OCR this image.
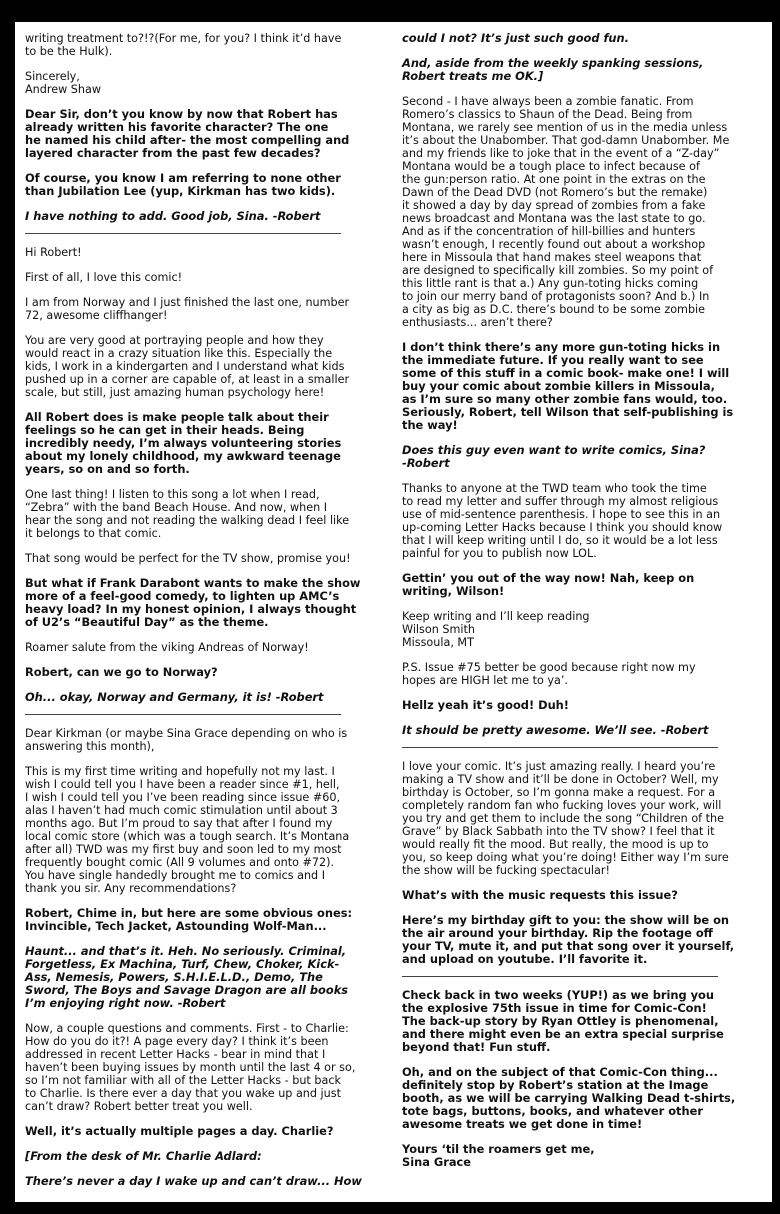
writing treatment to?!?(For me, for you? I think it’d have
to be the Hulk).

Sincerely,
Andrew Shaw

Dear Sir, don’t you know by now that Robert has
already written his favorite character? The one
he named his child after- the most compelling and
layered character from the past few decades?

Of course, you know I am referring to none other
than Jubilation Lee (yup, Kirkman has two kids).

I have nothing to add. Good job, Sina. -Robert

Hi Robert!

First of all, I love this comic!

I am from Norway and I just finished the last one, number
72, awesome cliffhanger!

You are very good at portraying people and how they
would react in a crazy situation like this. Especially the
kids, I work in a kindergarten and I understand what kids
pushed up in a corner are capable of, at least in a smaller
scale, but still, just amazing human psychology here!

All Robert does is make people talk about their
feelings so he can get in their heads. Being
incredibly needy, I’m always volunteering stories
about my lonely childhood, my awkward teenage
years, so on and so forth.

One last thing! I listen to this song a lot when I read,
“Zebra” with the band Beach House. And now, when I
hear the song and not reading the walking dead I feel like
it belongs to that comic.

That song would be perfect for the TV show, promise you!

But what if Frank Darabont wants to make the show
more of a feel-good comedy, to lighten up AMC’s
heavy load? In my honest opinion, I always thought
of U2’s “Beautiful Day” as the theme.

Roamer salute from the viking Andreas of Norway!

Robert, can we go to Norway?

Oh... okay, Norway and Germany, it is! -Robert

Dear Kirkman (or maybe Sina Grace depending on who is
answering this month),

This is my first time writing and hopefully not my last. I
wish I could tell you I have been a reader since #1, hell,
I wish I could tell you I’ve been reading since issue #60,
alas I haven’t had much comic stimulation until about 3
months ago. But I’m proud to say that after I found my
local comic store (which was a tough search. It’s Montana
after all) TWD was my first buy and soon led to my most
frequently bought comic (All 9 volumes and onto #72).
You have single handedly brought me to comics and I
thank you sir. Any recommendations?

Robert, Chime in, but here are some obvious ones:
Invincible, Tech Jacket, Astounding Wolf-Man...

Haunt... and that’s it. Heh. No seriously. Criminal,
Forgetless, Ex Machina, Turf, Chew, Choker, Kick-
Ass, Nemesis, Powers, S.H.I.E.L.D., Demo, The
Sword, The Boys and Savage Dragon are all books
I’m enjoying right now. -Robert

Now, a couple questions and comments. First - to Charlie:
How do you do it?! A page every day? I think it’s been
addressed in recent Letter Hacks - bear in mind that I
haven’t been buying issues by month until the last 4 or so,
so I’m not familiar with all of the Letter Hacks - but back
to Charlie. Is there ever a day that you wake up and just
can’t draw? Robert better treat you well.

Well, it’s actually multiple pages a day. Charlie?

[From the desk of Mr. Charlie Adlard:

There’s never a day I wake up and can’t draw... How

could I not? It’s just such good fun.

And, aside from the weekly spanking sessions,
Robert treats me OK.]

Second - I have always been a zombie fanatic. From
Romero’s classics to Shaun of the Dead. Being from
Montana, we rarely see mention of us in the media unless
it’s about the Unabomber. That god-damn Unabomber. Me
and my friends like to joke that in the event of a “Z-day”
Montana would be a tough place to infect because of
the gun:person ratio. At one point in the extras on the
Dawn of the Dead DVD (not Romero’s but the remake)
it showed a day by day spread of zombies from a fake
news broadcast and Montana was the last state to go.
And as if the concentration of hill-billies and hunters
wasn’t enough, I recently found out about a workshop
here in Missoula that hand makes steel weapons that
are designed to specifically kill zombies. So my point of
this little rant is that a.) Any gun-toting hicks coming
to join our merry band of protagonists soon? And b.) In
a city as big as D.C. there’s bound to be some zombie
enthusiasts... aren’t there?

I don’t think there’s any more gun-toting hicks in
the immediate future. If you really want to see
some of this stuff in a comic book- make one! I will
buy your comic about zombie killers in Missoula,
as I’m sure so many other zombie fans would, too.
Seriously, Robert, tell Wilson that self-publishing is
the way!

Does this guy even want to write comics, Sina?
-Robert

Thanks to anyone at the TWD team who took the time
to read my letter and suffer through my almost religious
use of mid-sentence parenthesis. I hope to see this in an
up-coming Letter Hacks because I think you should know
that I will keep writing until I do, so it would be a lot less
painful for you to publish now LOL.

Gettin’ you out of the way now! Nah, keep on
writing, Wilson!

Keep writing and I’ll keep reading
Wilson Smith
Missoula, MT

P.S. Issue #75 better be good because right now my
hopes are HIGH let me to ya’.

Hellz yeah it’s good! Duh!

It should be pretty awesome. We’ll see. -Robert

I love your comic. It’s just amazing really. I heard you’re
making a TV show and it’ll be done in October? Well, my
birthday is October, so I’m gonna make a request. For a
completely random fan who fucking loves your work, will
you try and get them to include the song “Children of the
Grave” by Black Sabbath into the TV show? I feel that it
would really fit the mood. But really, the mood is up to
you, so keep doing what you’re doing! Either way I’m sure
the show will be fucking spectacular!

What’s with the music requests this issue?

Here’s my birthday gift to you: the show will be on
the air around your birthday. Rip the footage off
your TV, mute it, and put that song over it yourself,
and upload on youtube. I’ll favorite it.

Check back in two weeks (YUP!) as we bring you
the explosive 75th issue in time for Comic-Con!
The back-up story by Ryan Ottley is phenomenal,
and there might even be an extra special surprise
beyond that! Fun stuff.

Oh, and on the subject of that Comic-Con thing...
definitely stop by Robert’s station at the Image
booth, as we will be carrying Walking Dead t-shirts,
tote bags, buttons, books, and whatever other
awesome treats we get done in time!

Yours ‘til the roamers get me,
Sina Grace
